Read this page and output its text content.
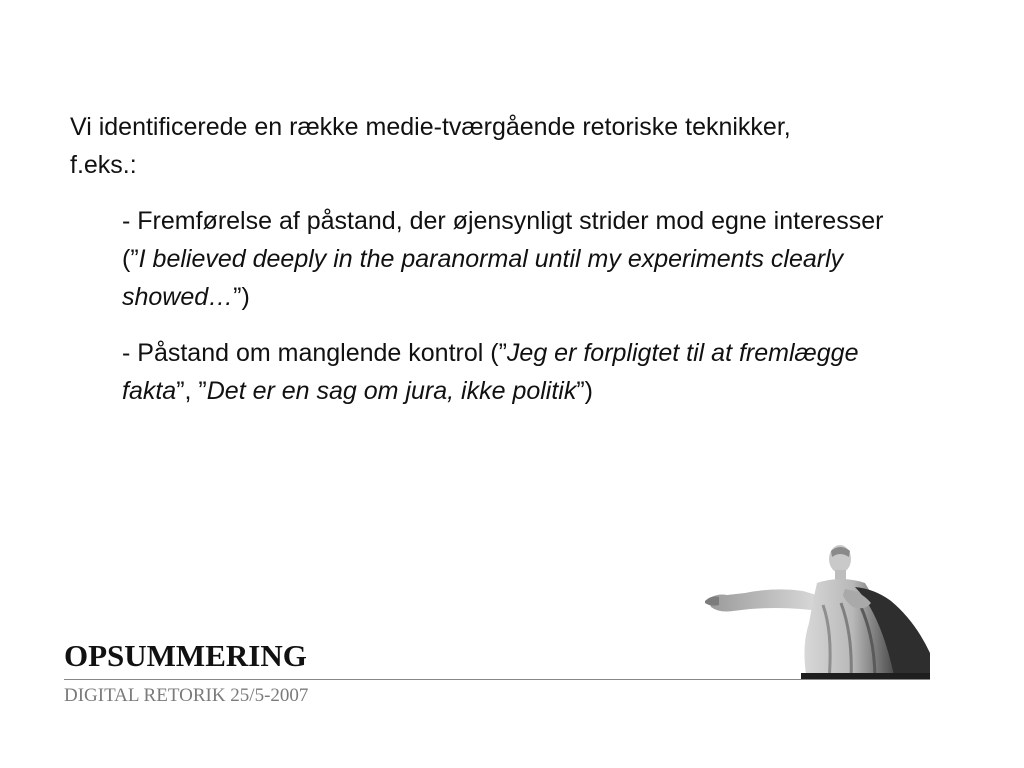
Vi identificerede en række medie-tværgående retoriske teknikker, f.eks.:

- Fremførelse af påstand, der øjensynligt strider mod egne interesser (”I believed deeply in the paranormal until my experiments clearly showed…”)

- Påstand om manglende kontrol (”Jeg er forpligtet til at fremlægge fakta”, ”Det er en sag om jura, ikke politik”)

OPSUMMERING

DIGITAL RETORIK 25/5-2007
